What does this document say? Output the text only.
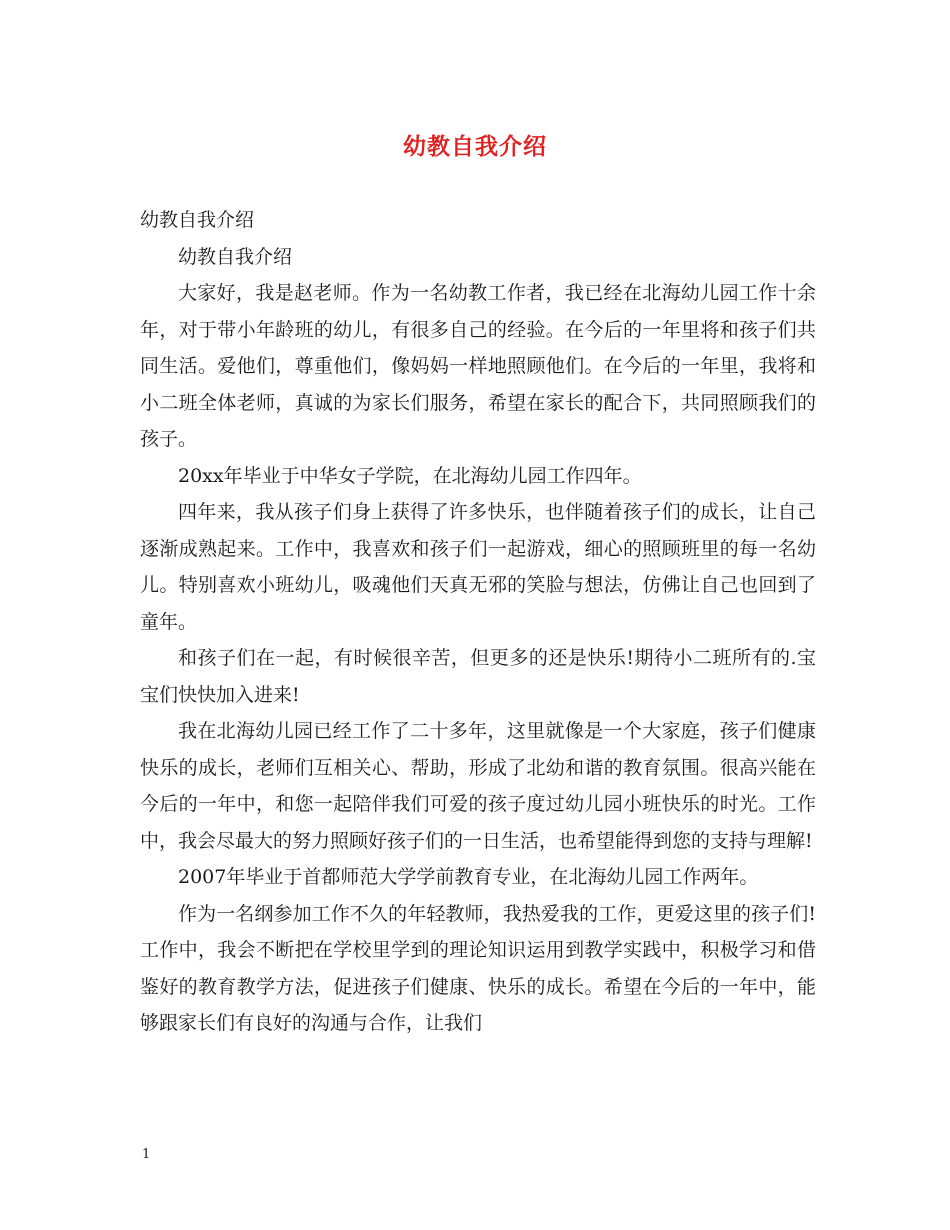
幼教自我介绍

幼教自我介绍

幼教自我介绍

大家好，我是赵老师。作为一名幼教工作者，我已经在北海幼儿园工作十余年，对于带小年龄班的幼儿，有很多自己的经验。在今后的一年里将和孩子们共同生活。爱他们，尊重他们，像妈妈一样地照顾他们。在今后的一年里，我将和小二班全体老师，真诚的为家长们服务，希望在家长的配合下，共同照顾我们的孩子。

20xx年毕业于中华女子学院，在北海幼儿园工作四年。

四年来，我从孩子们身上获得了许多快乐，也伴随着孩子们的成长，让自己逐渐成熟起来。工作中，我喜欢和孩子们一起游戏，细心的照顾班里的每一名幼儿。特别喜欢小班幼儿，吸魂他们天真无邪的笑脸与想法，仿佛让自己也回到了童年。

和孩子们在一起，有时候很辛苦，但更多的还是快乐!期待小二班所有的.宝宝们快快加入进来!

我在北海幼儿园已经工作了二十多年，这里就像是一个大家庭，孩子们健康快乐的成长，老师们互相关心、帮助，形成了北幼和谐的教育氛围。很高兴能在今后的一年中，和您一起陪伴我们可爱的孩子度过幼儿园小班快乐的时光。工作中，我会尽最大的努力照顾好孩子们的一日生活，也希望能得到您的支持与理解!

2007年毕业于首都师范大学学前教育专业，在北海幼儿园工作两年。

作为一名纲参加工作不久的年轻教师，我热爱我的工作，更爱这里的孩子们!工作中，我会不断把在学校里学到的理论知识运用到教学实践中，积极学习和借鉴好的教育教学方法，促进孩子们健康、快乐的成长。希望在今后的一年中，能够跟家长们有良好的沟通与合作，让我们

1
